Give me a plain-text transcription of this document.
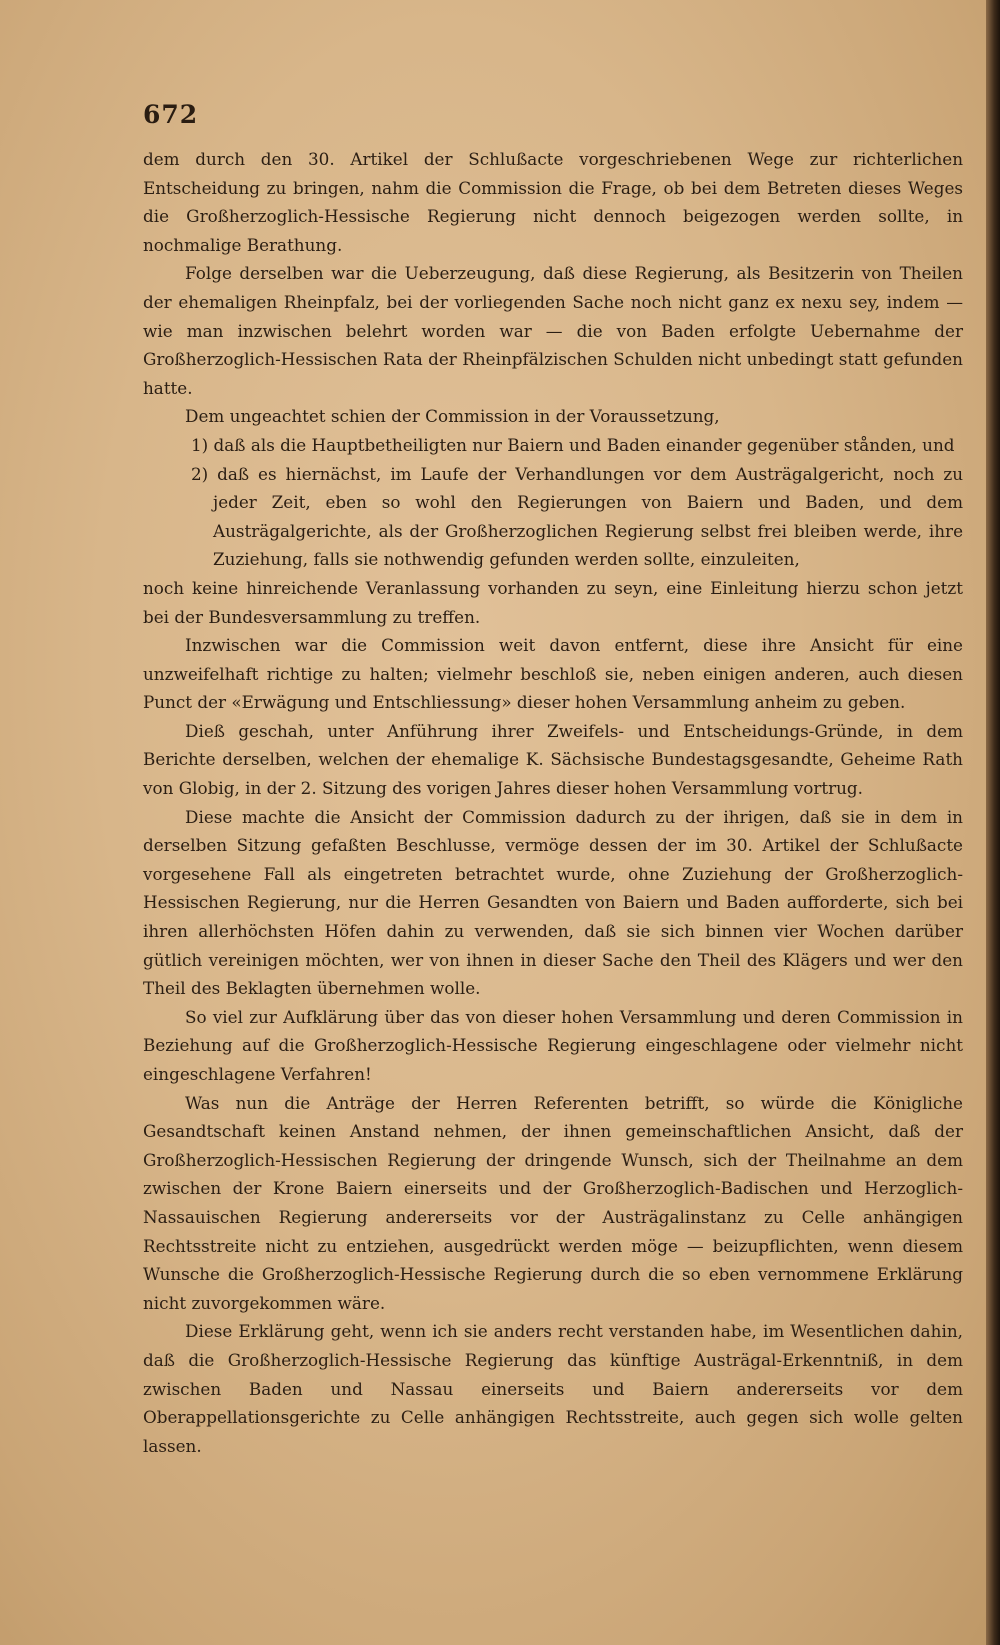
672

dem durch den 30. Artikel der Schlußacte vorgeschriebenen Wege zur richterlichen Entscheidung zu bringen, nahm die Commission die Frage, ob bei dem Betreten dieses Weges die Großherzoglich-Hessische Regierung nicht dennoch beigezogen werden sollte, in nochmalige Berathung.

Folge derselben war die Ueberzeugung, daß diese Regierung, als Besitzerin von Theilen der ehemaligen Rheinpfalz, bei der vorliegenden Sache noch nicht ganz ex nexu sey, indem — wie man inzwischen belehrt worden war — die von Baden erfolgte Uebernahme der Großherzoglich-Hessischen Rata der Rheinpfälzischen Schulden nicht unbedingt statt gefunden hatte.

Dem ungeachtet schien der Commission in der Voraussetzung,

1) daß als die Hauptbetheiligten nur Baiern und Baden einander gegenüber stånden, und

2) daß es hiernächst, im Laufe der Verhandlungen vor dem Austrägalgericht, noch zu jeder Zeit, eben so wohl den Regierungen von Baiern und Baden, und dem Austrägalgerichte, als der Großherzoglichen Regierung selbst frei bleiben werde, ihre Zuziehung, falls sie nothwendig gefunden werden sollte, einzuleiten,

noch keine hinreichende Veranlassung vorhanden zu seyn, eine Einleitung hierzu schon jetzt bei der Bundesversammlung zu treffen.

Inzwischen war die Commission weit davon entfernt, diese ihre Ansicht für eine unzweifelhaft richtige zu halten; vielmehr beschloß sie, neben einigen anderen, auch diesen Punct der «Erwägung und Entschliessung» dieser hohen Versammlung anheim zu geben.

Dieß geschah, unter Anführung ihrer Zweifels- und Entscheidungs-Gründe, in dem Berichte derselben, welchen der ehemalige K. Sächsische Bundestagsgesandte, Geheime Rath von Globig, in der 2. Sitzung des vorigen Jahres dieser hohen Versammlung vortrug.

Diese machte die Ansicht der Commission dadurch zu der ihrigen, daß sie in dem in derselben Sitzung gefaßten Beschlusse, vermöge dessen der im 30. Artikel der Schlußacte vorgesehene Fall als eingetreten betrachtet wurde, ohne Zuziehung der Großherzoglich-Hessischen Regierung, nur die Herren Gesandten von Baiern und Baden aufforderte, sich bei ihren allerhöchsten Höfen dahin zu verwenden, daß sie sich binnen vier Wochen darüber gütlich vereinigen möchten, wer von ihnen in dieser Sache den Theil des Klägers und wer den Theil des Beklagten übernehmen wolle.

So viel zur Aufklärung über das von dieser hohen Versammlung und deren Commission in Beziehung auf die Großherzoglich-Hessische Regierung eingeschlagene oder vielmehr nicht eingeschlagene Verfahren!

Was nun die Anträge der Herren Referenten betrifft, so würde die Königliche Gesandtschaft keinen Anstand nehmen, der ihnen gemeinschaftlichen Ansicht, daß der Großherzoglich-Hessischen Regierung der dringende Wunsch, sich der Theilnahme an dem zwischen der Krone Baiern einerseits und der Großherzoglich-Badischen und Herzoglich-Nassauischen Regierung andererseits vor der Austrägalinstanz zu Celle anhängigen Rechtsstreite nicht zu entziehen, ausgedrückt werden möge — beizupflichten, wenn diesem Wunsche die Großherzoglich-Hessische Regierung durch die so eben vernommene Erklärung nicht zuvorgekommen wäre.

Diese Erklärung geht, wenn ich sie anders recht verstanden habe, im Wesentlichen dahin, daß die Großherzoglich-Hessische Regierung das künftige Austrägal-Erkenntniß, in dem zwischen Baden und Nassau einerseits und Baiern andererseits vor dem Oberappellationsgerichte zu Celle anhängigen Rechtsstreite, auch gegen sich wolle gelten lassen.
